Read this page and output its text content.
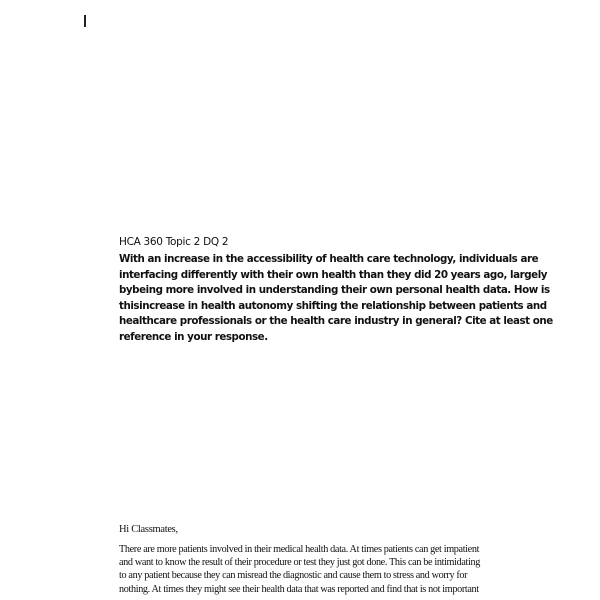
HCA 360 Topic 2 DQ 2
With an increase in the accessibility of health care technology, individuals are
interfacing differently with their own health than they did 20 years ago, largely
bybeing more involved in understanding their own personal health data. How is
thisincrease in health autonomy shifting the relationship between patients and
healthcare professionals or the health care industry in general? Cite at least one
reference in your response.
Hi Classmates,
There are more patients involved in their medical health data. At times patients can get impatient
and want to know the result of their procedure or test they just got done. This can be intimidating
to any patient because they can misread the diagnostic and cause them to stress and worry for
nothing. At times they might see their health data that was reported and find that is not important
